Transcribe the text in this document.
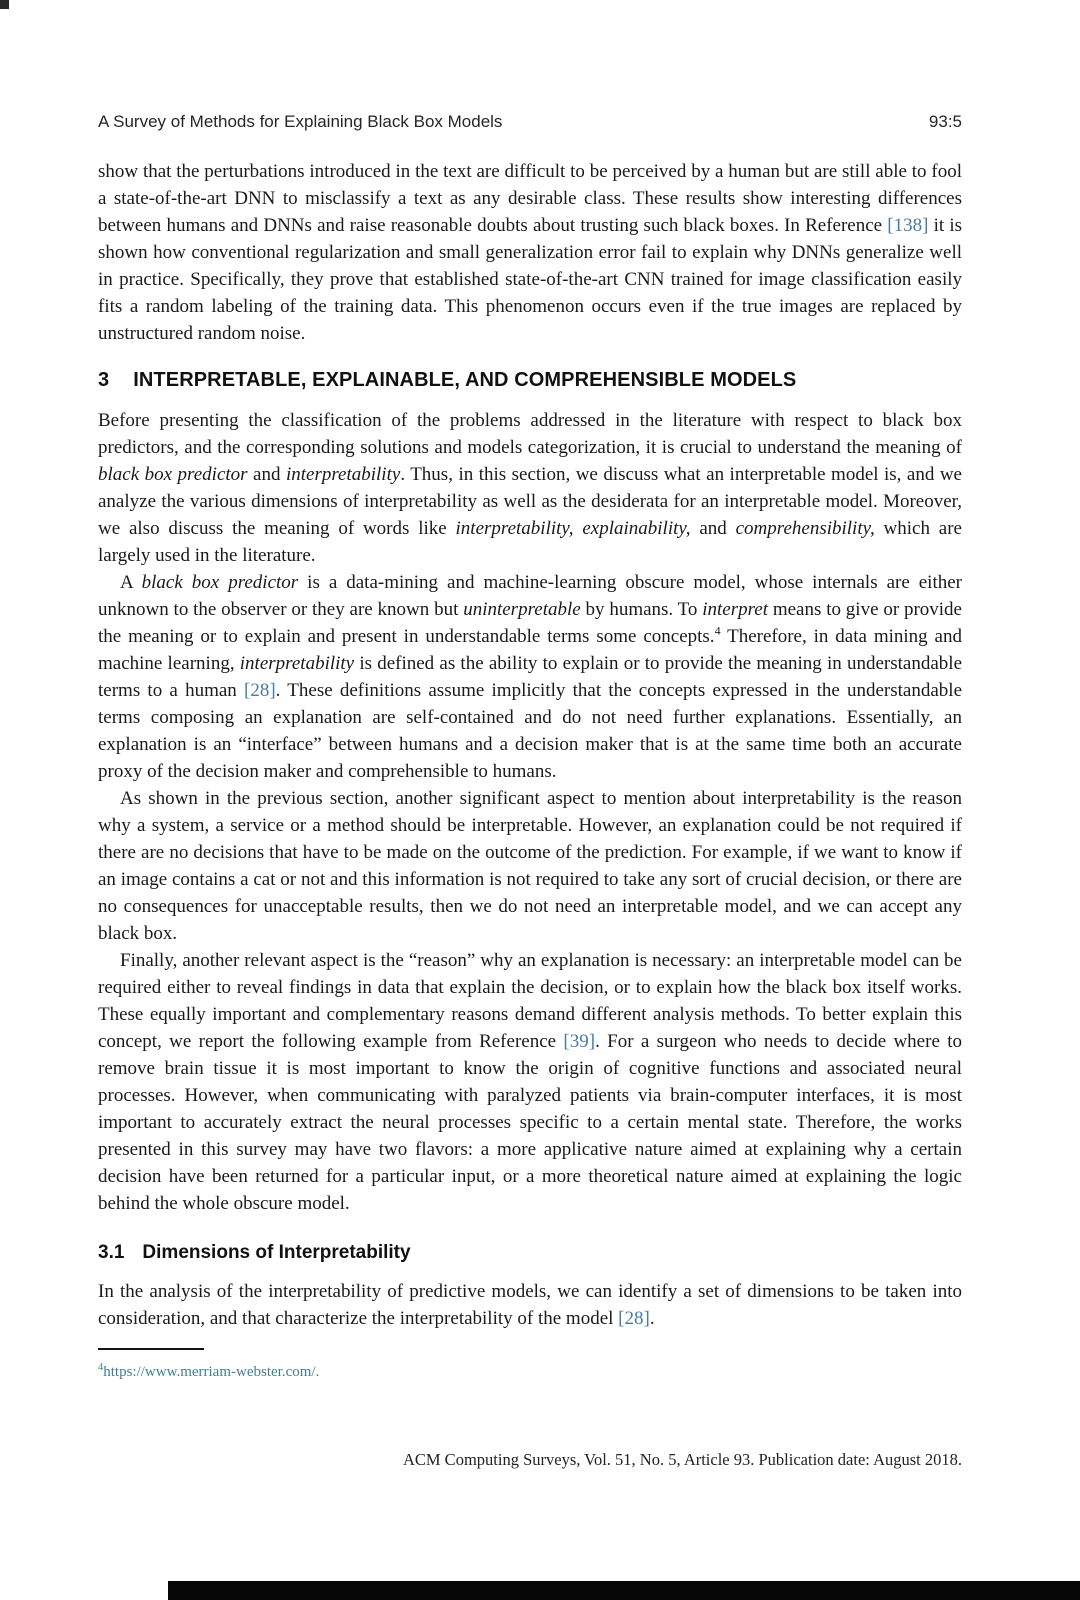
A Survey of Methods for Explaining Black Box Models	93:5

show that the perturbations introduced in the text are difficult to be perceived by a human but are still able to fool a state-of-the-art DNN to misclassify a text as any desirable class. These results show interesting differences between humans and DNNs and raise reasonable doubts about trusting such black boxes. In Reference [138] it is shown how conventional regularization and small generalization error fail to explain why DNNs generalize well in practice. Specifically, they prove that established state-of-the-art CNN trained for image classification easily fits a random labeling of the training data. This phenomenon occurs even if the true images are replaced by unstructured random noise.

3 INTERPRETABLE, EXPLAINABLE, AND COMPREHENSIBLE MODELS

Before presenting the classification of the problems addressed in the literature with respect to black box predictors, and the corresponding solutions and models categorization, it is crucial to understand the meaning of black box predictor and interpretability. Thus, in this section, we discuss what an interpretable model is, and we analyze the various dimensions of interpretability as well as the desiderata for an interpretable model. Moreover, we also discuss the meaning of words like interpretability, explainability, and comprehensibility, which are largely used in the literature.

A black box predictor is a data-mining and machine-learning obscure model, whose internals are either unknown to the observer or they are known but uninterpretable by humans. To interpret means to give or provide the meaning or to explain and present in understandable terms some concepts.$^4$ Therefore, in data mining and machine learning, interpretability is defined as the ability to explain or to provide the meaning in understandable terms to a human [28]. These definitions assume implicitly that the concepts expressed in the understandable terms composing an explanation are self-contained and do not need further explanations. Essentially, an explanation is an “interface” between humans and a decision maker that is at the same time both an accurate proxy of the decision maker and comprehensible to humans.

As shown in the previous section, another significant aspect to mention about interpretability is the reason why a system, a service or a method should be interpretable. However, an explanation could be not required if there are no decisions that have to be made on the outcome of the prediction. For example, if we want to know if an image contains a cat or not and this information is not required to take any sort of crucial decision, or there are no consequences for unacceptable results, then we do not need an interpretable model, and we can accept any black box.

Finally, another relevant aspect is the “reason” why an explanation is necessary: an interpretable model can be required either to reveal findings in data that explain the decision, or to explain how the black box itself works. These equally important and complementary reasons demand different analysis methods. To better explain this concept, we report the following example from Reference [39]. For a surgeon who needs to decide where to remove brain tissue it is most important to know the origin of cognitive functions and associated neural processes. However, when communicating with paralyzed patients via brain-computer interfaces, it is most important to accurately extract the neural processes specific to a certain mental state. Therefore, the works presented in this survey may have two flavors: a more applicative nature aimed at explaining why a certain decision have been returned for a particular input, or a more theoretical nature aimed at explaining the logic behind the whole obscure model.

3.1 Dimensions of Interpretability

In the analysis of the interpretability of predictive models, we can identify a set of dimensions to be taken into consideration, and that characterize the interpretability of the model [28].

$^4$https://www.merriam-webster.com/.
ACM Computing Surveys, Vol. 51, No. 5, Article 93. Publication date: August 2018.
